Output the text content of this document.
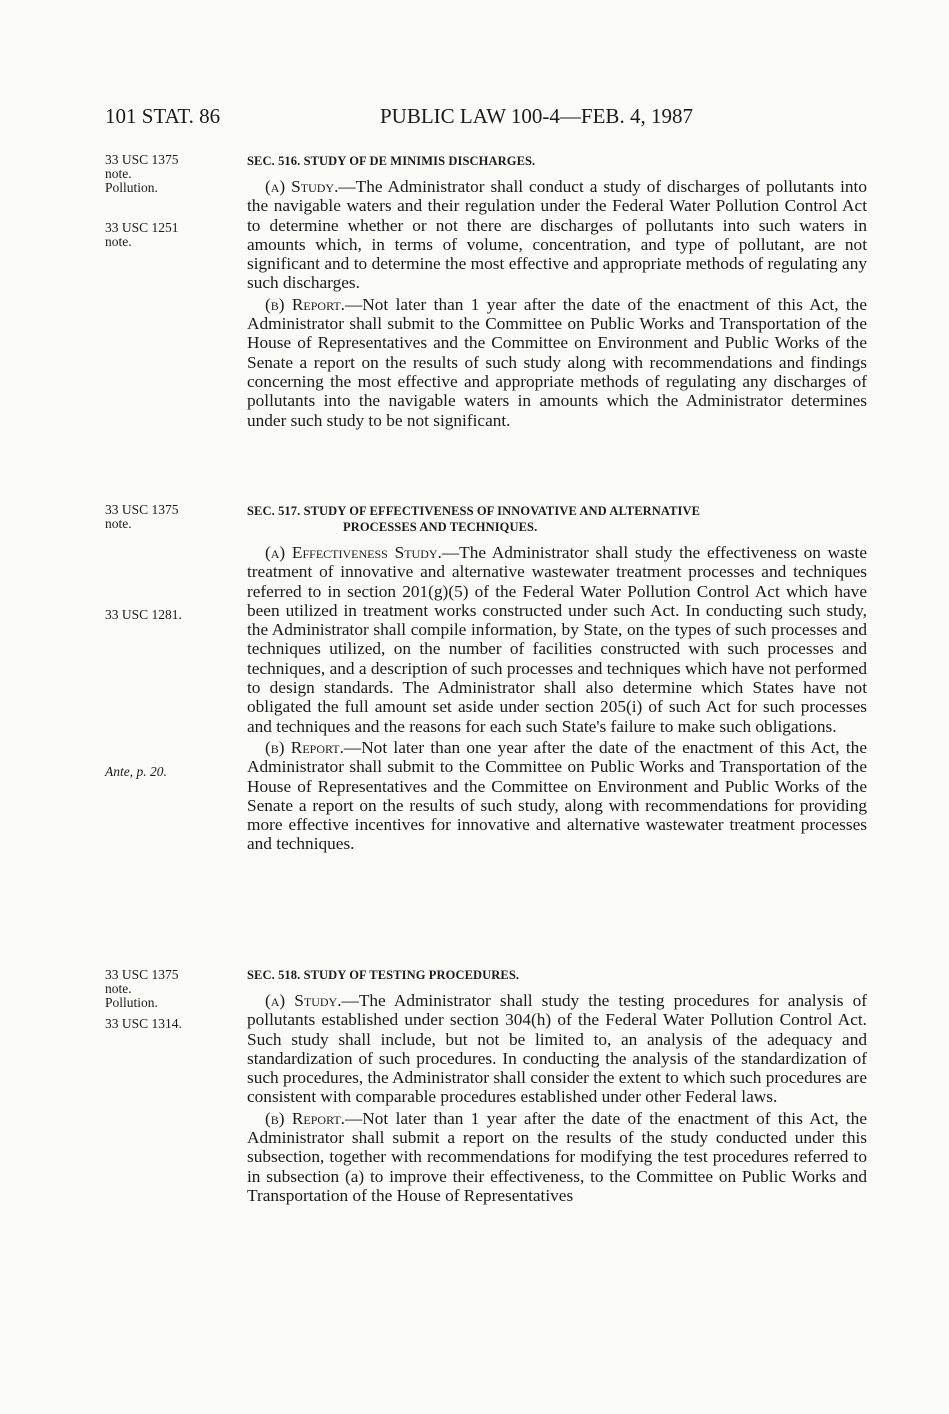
101 STAT. 86	PUBLIC LAW 100-4—FEB. 4, 1987
33 USC 1375
note.
Pollution.
33 USC 1251
note.
33 USC 1375
note.
33 USC 1281.
Ante, p. 20.
33 USC 1375
note.
Pollution.
33 USC 1314.
SEC. 516. STUDY OF DE MINIMIS DISCHARGES.

(a) Study.—The Administrator shall conduct a study of discharges of pollutants into the navigable waters and their regulation under the Federal Water Pollution Control Act to determine whether or not there are discharges of pollutants into such waters in amounts which, in terms of volume, concentration, and type of pollutant, are not significant and to determine the most effective and appropriate methods of regulating any such discharges.

(b) Report.—Not later than 1 year after the date of the enactment of this Act, the Administrator shall submit to the Committee on Public Works and Transportation of the House of Representatives and the Committee on Environment and Public Works of the Senate a report on the results of such study along with recommendations and findings concerning the most effective and appropriate methods of regulating any discharges of pollutants into the navigable waters in amounts which the Administrator determines under such study to be not significant.

SEC. 517. STUDY OF EFFECTIVENESS OF INNOVATIVE AND ALTERNATIVE
PROCESSES AND TECHNIQUES.

(a) Effectiveness Study.—The Administrator shall study the effectiveness on waste treatment of innovative and alternative wastewater treatment processes and techniques referred to in section 201(g)(5) of the Federal Water Pollution Control Act which have been utilized in treatment works constructed under such Act. In conducting such study, the Administrator shall compile information, by State, on the types of such processes and techniques utilized, on the number of facilities constructed with such processes and techniques, and a description of such processes and techniques which have not performed to design standards. The Administrator shall also determine which States have not obligated the full amount set aside under section 205(i) of such Act for such processes and techniques and the reasons for each such State's failure to make such obligations.

(b) Report.—Not later than one year after the date of the enactment of this Act, the Administrator shall submit to the Committee on Public Works and Transportation of the House of Representatives and the Committee on Environment and Public Works of the Senate a report on the results of such study, along with recommendations for providing more effective incentives for innovative and alternative wastewater treatment processes and techniques.

SEC. 518. STUDY OF TESTING PROCEDURES.

(a) Study.—The Administrator shall study the testing procedures for analysis of pollutants established under section 304(h) of the Federal Water Pollution Control Act. Such study shall include, but not be limited to, an analysis of the adequacy and standardization of such procedures. In conducting the analysis of the standardization of such procedures, the Administrator shall consider the extent to which such procedures are consistent with comparable procedures established under other Federal laws.

(b) Report.—Not later than 1 year after the date of the enactment of this Act, the Administrator shall submit a report on the results of the study conducted under this subsection, together with recommendations for modifying the test procedures referred to in subsection (a) to improve their effectiveness, to the Committee on Public Works and Transportation of the House of Representatives
